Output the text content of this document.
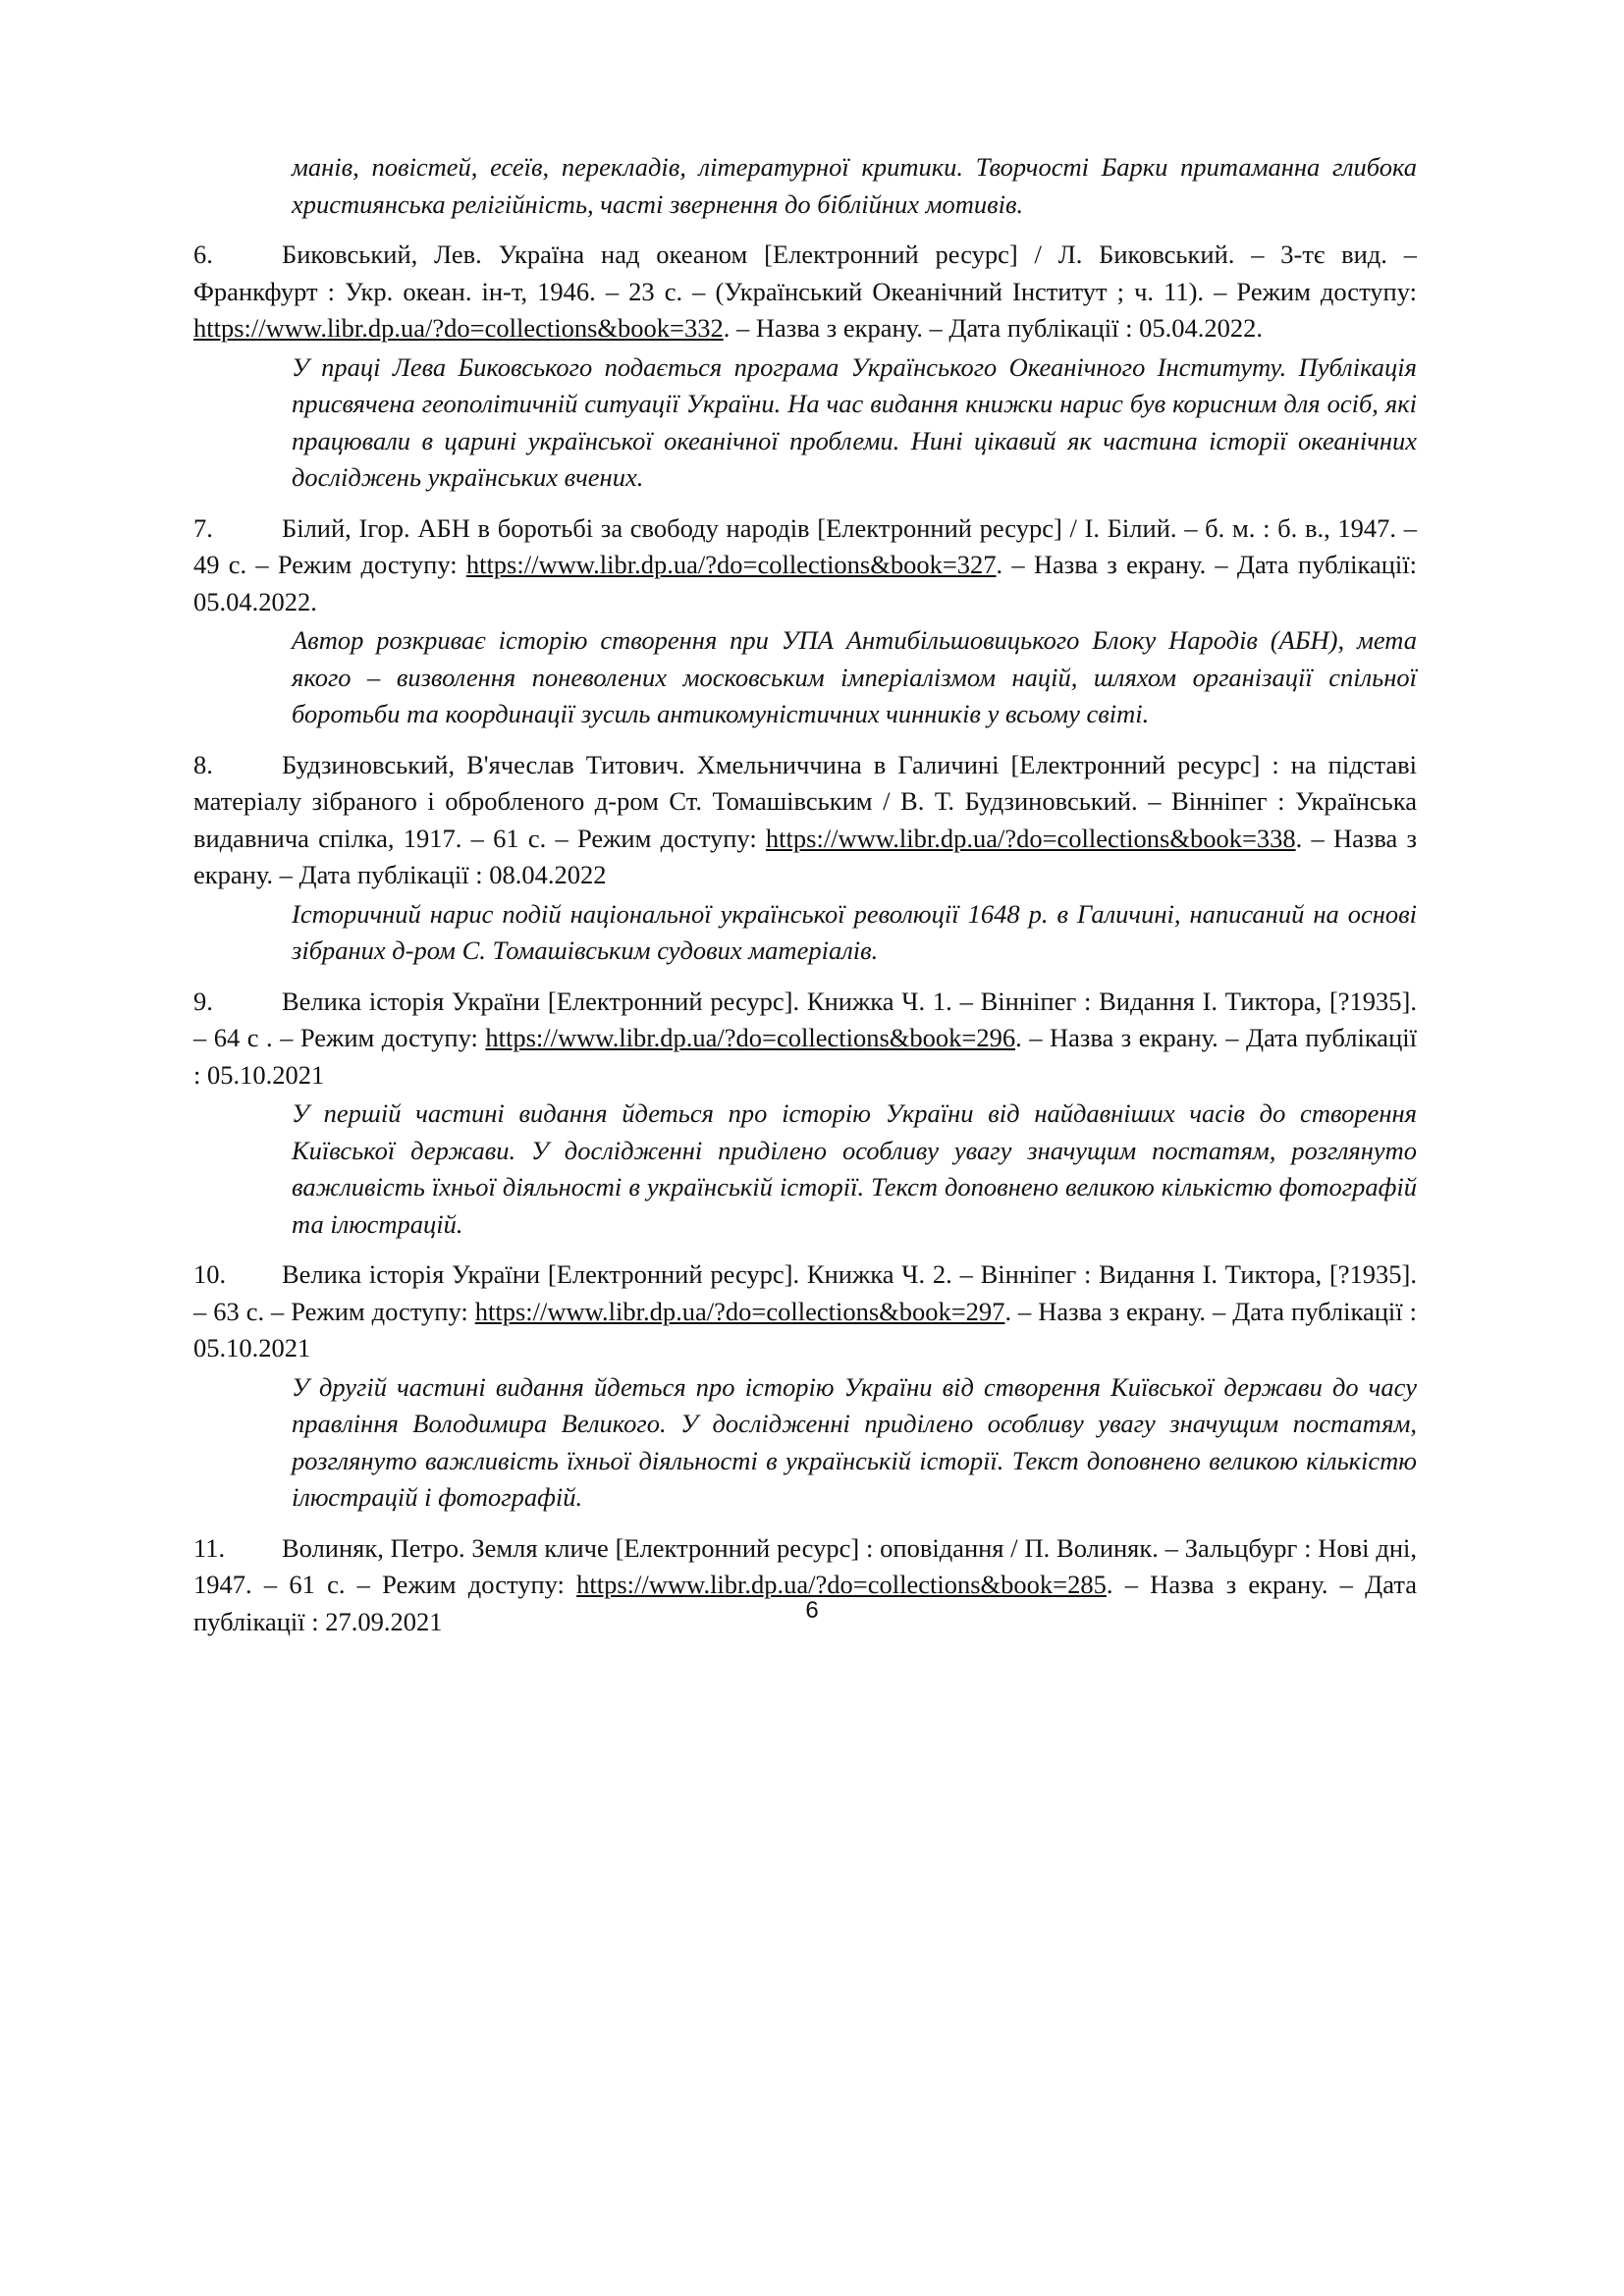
манів, повістей, есеїв, перекладів, літературної критики. Творчості Барки притаманна глибока християнська релігійність, часті звернення до біблійних мотивів.
6.	Биковський, Лев. Україна над океаном [Електронний ресурс] / Л. Биковський. – 3-тє вид. – Франкфурт : Укр. океан. ін-т, 1946. – 23 с. – (Український Океанічний Інститут ; ч. 11). – Режим доступу: https://www.libr.dp.ua/?do=collections&book=332. – Назва з екрану. – Дата публікації : 05.04.2022.
У праці Лева Биковського подається програма Українського Океанічного Інституту. Публікація присвячена геополітичній ситуації України. На час видання книжки нарис був корисним для осіб, які працювали в царині української океанічної проблеми. Нині цікавий як частина історії океанічних досліджень українських вчених.
7.	Білий, Ігор. АБН в боротьбі за свободу народів [Електронний ресурс] / І. Білий. – б. м. : б. в., 1947. – 49 с. – Режим доступу: https://www.libr.dp.ua/?do=collections&book=327. – Назва з екрану. – Дата публікації: 05.04.2022.
Автор розкриває історію створення при УПА Антибільшовицького Блоку Народів (АБН), мета якого – визволення поневолених московським імперіалізмом націй, шляхом організації спільної боротьби та координації зусиль антикомуністичних чинників у всьому світі.
8.	Будзиновський, В'ячеслав Титович. Хмельниччина в Галичині [Електронний ресурс] : на підставі матеріалу зібраного і обробленого д-ром Ст. Томашівським / В. Т. Будзиновський. – Вінніпег : Українська видавнича спілка, 1917. – 61 с. – Режим доступу: https://www.libr.dp.ua/?do=collections&book=338. – Назва з екрану. – Дата публікації : 08.04.2022
Історичний нарис подій національної української революції 1648 р. в Галичині, написаний на основі зібраних д-ром С. Томашівським судових матеріалів.
9.	Велика історія України [Електронний ресурс]. Книжка Ч. 1. – Вінніпег : Видання І. Тиктора, [?1935]. – 64 с . – Режим доступу: https://www.libr.dp.ua/?do=collections&book=296. – Назва з екрану. – Дата публікації : 05.10.2021
У першій частині видання йдеться про історію України від найдавніших часів до створення Київської держави. У дослідженні приділено особливу увагу значущим постатям, розглянуто важливість їхньої діяльності в українській історії. Текст доповнено великою кількістю фотографій та ілюстрацій.
10. Велика історія України [Електронний ресурс]. Книжка Ч. 2. – Вінніпег : Видання І. Тиктора, [?1935]. – 63 с. – Режим доступу: https://www.libr.dp.ua/?do=collections&book=297. – Назва з екрану. – Дата публікації : 05.10.2021
У другій частині видання йдеться про історію України від створення Київської держави до часу правління Володимира Великого. У дослідженні приділено особливу увагу значущим постатям, розглянуто важливість їхньої діяльності в українській історії. Текст доповнено великою кількістю ілюстрацій і фотографій.
11. Волиняк, Петро. Земля кличе [Електронний ресурс] : оповідання / П. Волиняк. – Зальцбург : Нові дні, 1947. – 61 с. – Режим доступу: https://www.libr.dp.ua/?do=collections&book=285. – Назва з екрану. – Дата публікації : 27.09.2021	6
